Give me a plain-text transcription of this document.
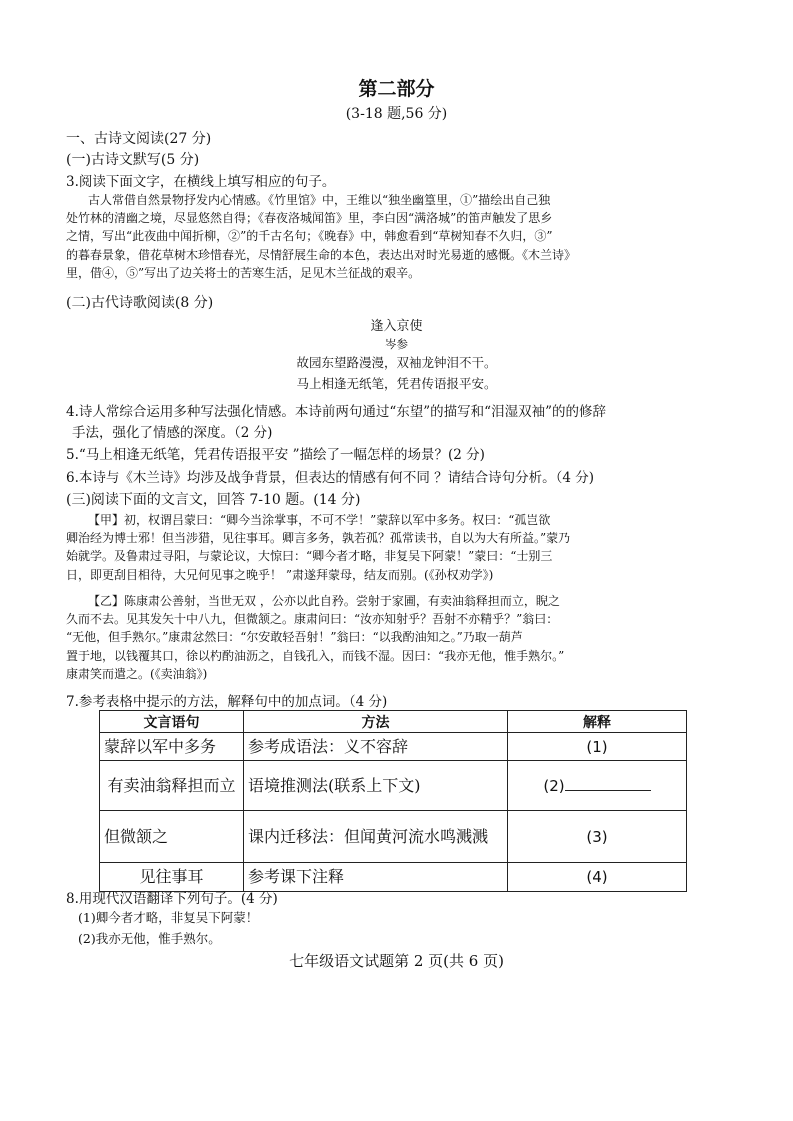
第二部分
(3-18 题,56 分)
一、古诗文阅读(27 分)
(一)古诗文默写(5 分)
3.阅读下面文字，在横线上填写相应的句子。

古人常借自然景物抒发内心情感。《竹里馆》中，王维以“独坐幽篁里，①”描绘出自己独

处竹林的清幽之境，尽显悠然自得；《春夜洛城闻笛》里，李白因“满洛城”的笛声触发了思乡

之情，写出“此夜曲中闻折柳，②”的千古名句；《晚春》中，韩愈看到“草树知春不久归，③”

的暮春景象，借花草树木珍惜春光，尽情舒展生命的本色，表达出对时光易逝的感慨。《木兰诗》

里，借④，⑤”写出了边关将士的苦寒生活，足见木兰征战的艰辛。

(二)古代诗歌阅读(8 分)
逢入京使
岑参
故园东望路漫漫，双袖龙钟泪不干。
马上相逢无纸笔，凭君传语报平安。
4.诗人常综合运用多种写法强化情感。本诗前两句通过“东望”的描写和“泪湿双袖”的的修辞
手法，强化了情感的深度。（2 分)
5.“马上相逢无纸笔，凭君传语报平安 ”描绘了一幅怎样的场景？(2 分)
6.本诗与《木兰诗》均涉及战争背景，但表达的情感有何不同 ？请结合诗句分析。（4 分)
(三)阅读下面的文言文，回答 7-10 题。(14 分)

【甲】初，权谓吕蒙曰：“卿今当涂掌事，不可不学！”蒙辞以军中多务。权曰：“孤岂欲

卿治经为博士邪！但当涉猎，见往事耳。卿言多务，孰若孤？孤常读书，自以为大有所益。”蒙乃

始就学。及鲁肃过寻阳，与蒙论议，大惊曰：“卿今者才略，非复吴下阿蒙！”蒙曰：“士别三

日，即更刮目相待，大兄何见事之晚乎！ ”肃遂拜蒙母，结友而别。(《孙权劝学》)

【乙】陈康肃公善射，当世无双 ，公亦以此自矜。尝射于家圃，有卖油翁释担而立，睨之

久而不去。见其发矢十中八九，但微颔之。康肃问曰：“汝亦知射乎？吾射不亦精乎？”翁曰：

“无他，但手熟尔。”康肃忿然曰：“尔安敢轻吾射！”翁曰：“以我酌油知之。”乃取一葫芦

置于地，以钱覆其口，徐以杓酌油沥之，自钱孔入，而钱不湿。因曰：“我亦无他，惟手熟尔。”

康肃笑而遣之。(《卖油翁》)

7.参考表格中提示的方法，解释句中的加点词。（4 分)
文言语句	方法	解释
蒙辞以军中多务	参考成语法：义不容辞	(1)
有卖油翁释担而立	语境推测法(联系上下文)	(2)
但微颔之	课内迁移法：但闻黄河流水鸣溅溅	(3)
见往事耳	参考课下注释	(4)
8.用现代汉语翻译下列句子。(4 分)
(1)卿今者才略，非复吴下阿蒙！
(2)我亦无他，惟手熟尔。
七年级语文试题第 2 页(共 6 页)
